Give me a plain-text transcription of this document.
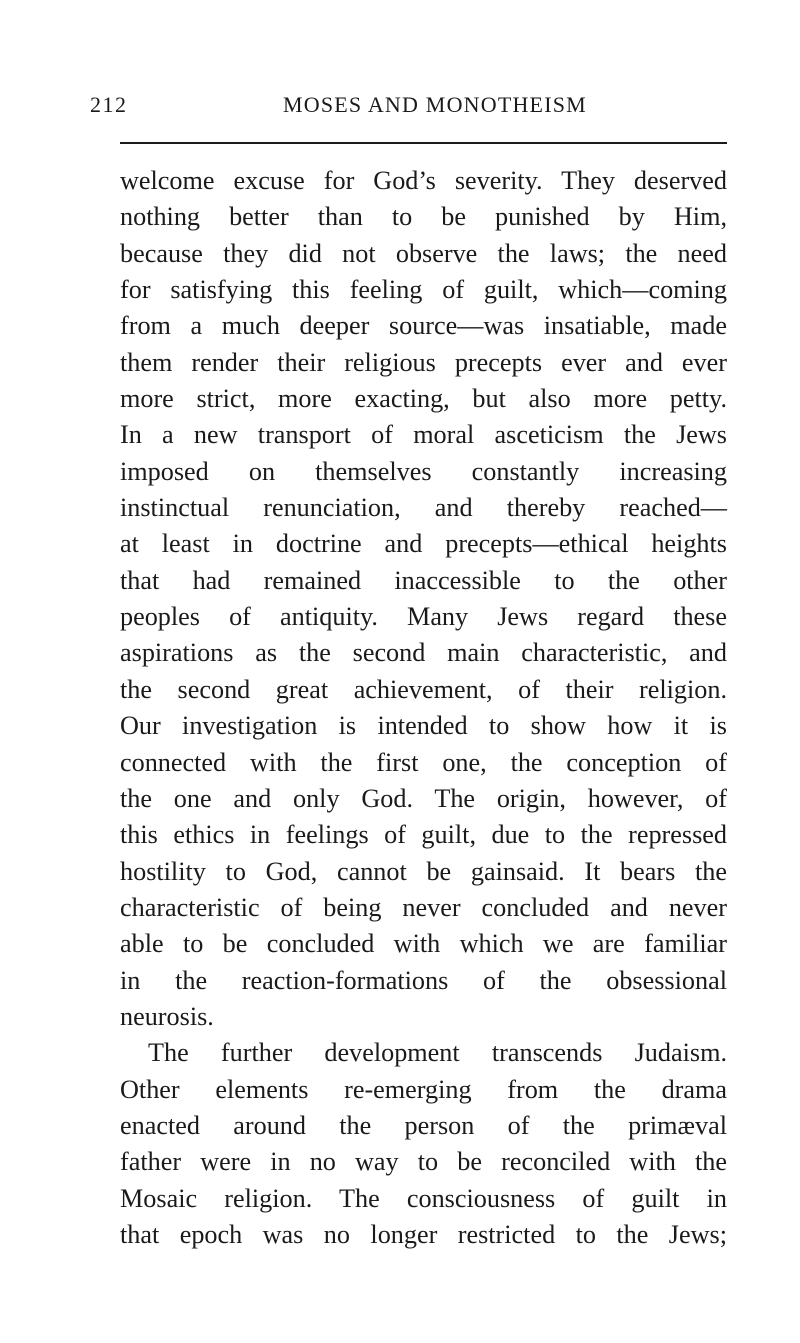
212	MOSES AND MONOTHEISM
welcome excuse for God’s severity. They deserved
nothing better than to be punished by Him,
because they did not observe the laws; the need
for satisfying this feeling of guilt, which—coming
from a much deeper source—was insatiable, made
them render their religious precepts ever and ever
more strict, more exacting, but also more petty.
In a new transport of moral asceticism the Jews
imposed on themselves constantly increasing
instinctual renunciation, and thereby reached—
at least in doctrine and precepts—ethical heights
that had remained inaccessible to the other
peoples of antiquity. Many Jews regard these
aspirations as the second main characteristic, and
the second great achievement, of their religion.
Our investigation is intended to show how it is
connected with the first one, the conception of
the one and only God. The origin, however, of
this ethics in feelings of guilt, due to the repressed
hostility to God, cannot be gainsaid. It bears the
characteristic of being never concluded and never
able to be concluded with which we are familiar
in the reaction-formations of the obsessional
neurosis.
The further development transcends Judaism.
Other elements re-emerging from the drama
enacted around the person of the primæval
father were in no way to be reconciled with the
Mosaic religion. The consciousness of guilt in
that epoch was no longer restricted to the Jews;
